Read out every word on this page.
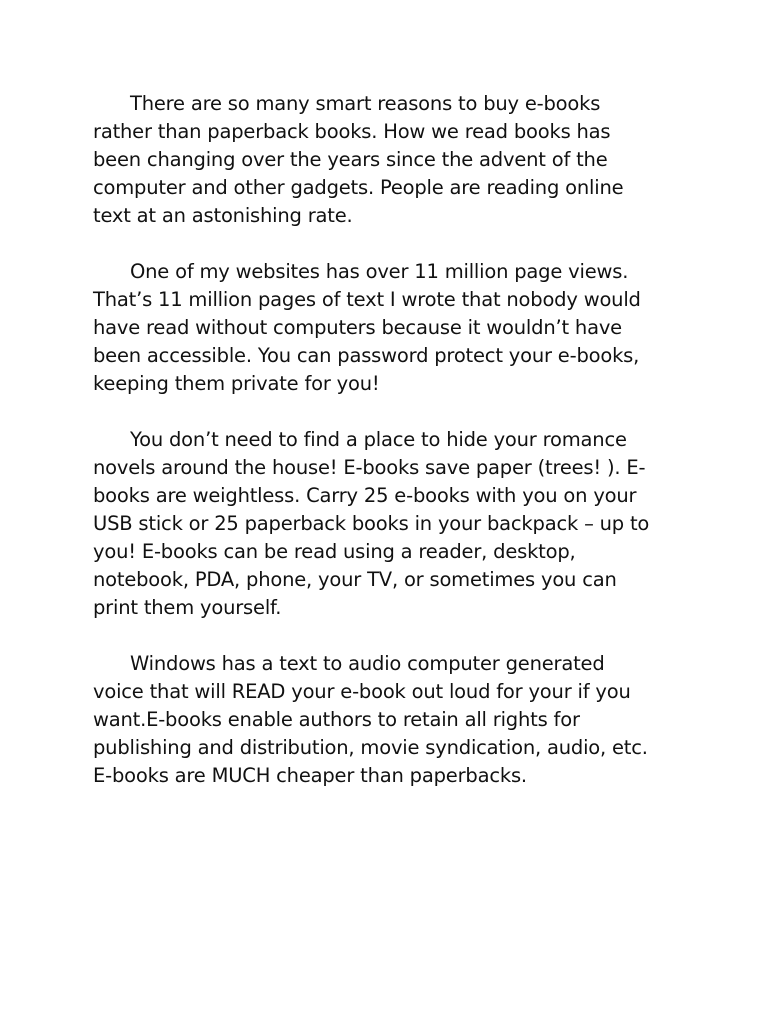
There are so many smart reasons to buy e-books
rather than paperback books. How we read books has
been changing over the years since the advent of the
computer and other gadgets. People are reading online
text at an astonishing rate.

One of my websites has over 11 million page views.
That’s 11 million pages of text I wrote that nobody would
have read without computers because it wouldn’t have
been accessible. You can password protect your e-books,
keeping them private for you!

You don’t need to find a place to hide your romance
novels around the house! E-books save paper (trees! ). E-
books are weightless. Carry 25 e-books with you on your
USB stick or 25 paperback books in your backpack – up to
you! E-books can be read using a reader, desktop,
notebook, PDA, phone, your TV, or sometimes you can
print them yourself.

Windows has a text to audio computer generated
voice that will READ your e-book out loud for your if you
want.E-books enable authors to retain all rights for
publishing and distribution, movie syndication, audio, etc.
E-books are MUCH cheaper than paperbacks.
